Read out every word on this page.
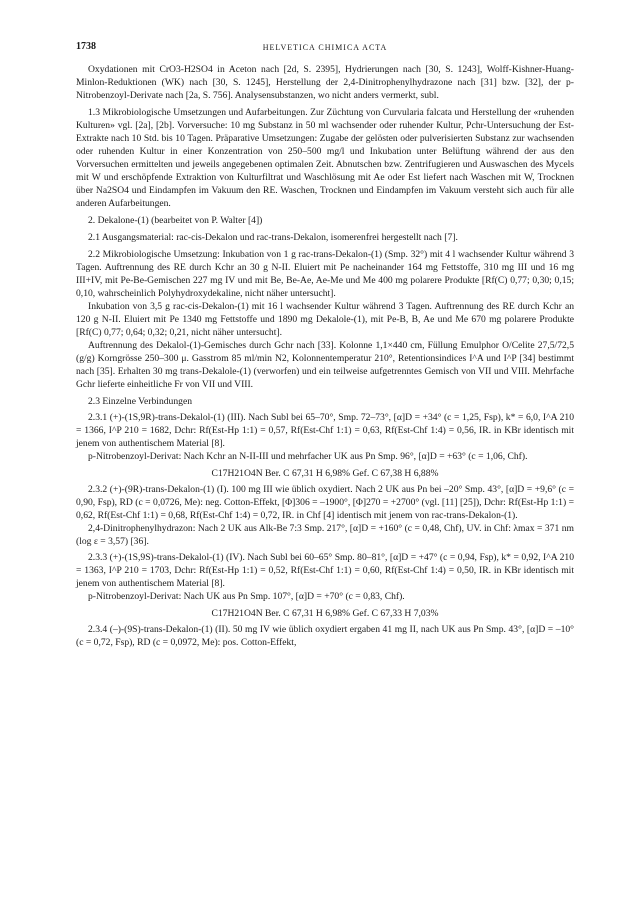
1738	HELVETICA CHIMICA ACTA

Oxydationen mit CrO3-H2SO4 in Aceton nach [2d, S. 2395], Hydrierungen nach [30, S. 1243], Wolff-Kishner-Huang-Minlon-Reduktionen (WK) nach [30, S. 1245], Herstellung der 2,4-Dinitrophenylhydrazone nach [31] bzw. [32], der p-Nitrobenzoyl-Derivate nach [2a, S. 756]. Analysensubstanzen, wo nicht anders vermerkt, subl.

1.3 Mikrobiologische Umsetzungen und Aufarbeitungen. Zur Züchtung von Curvularia falcata und Herstellung der «ruhenden Kulturen» vgl. [2a], [2b]. Vorversuche: 10 mg Substanz in 50 ml wachsender oder ruhender Kultur, Pchr-Untersuchung der Est-Extrakte nach 10 Std. bis 10 Tagen. Präparative Umsetzungen: Zugabe der gelösten oder pulverisierten Substanz zur wachsenden oder ruhenden Kultur in einer Konzentration von 250–500 mg/l und Inkubation unter Belüftung während der aus den Vorversuchen ermittelten und jeweils angegebenen optimalen Zeit. Abnutschen bzw. Zentrifugieren und Auswaschen des Mycels mit W und erschöpfende Extraktion von Kulturfiltrat und Waschlösung mit Ae oder Est liefert nach Waschen mit W, Trocknen über Na2SO4 und Eindampfen im Vakuum den RE. Waschen, Trocknen und Eindampfen im Vakuum versteht sich auch für alle anderen Aufarbeitungen.

2. Dekalone-(1) (bearbeitet von P. Walter [4])

2.1 Ausgangsmaterial: rac-cis-Dekalon und rac-trans-Dekalon, isomerenfrei hergestellt nach [7].

2.2 Mikrobiologische Umsetzung: Inkubation von 1 g rac-trans-Dekalon-(1) (Smp. 32°) mit 4 l wachsender Kultur während 3 Tagen. Auftrennung des RE durch Kchr an 30 g N-II. Eluiert mit Pe nacheinander 164 mg Fettstoffe, 310 mg III und 16 mg III+IV, mit Pe-Be-Gemischen 227 mg IV und mit Be, Be-Ae, Ae-Me und Me 400 mg polarere Produkte [Rf(C) 0,77; 0,30; 0,15; 0,10, wahrscheinlich Polyhydroxydekaline, nicht näher untersucht].

Inkubation von 3,5 g rac-cis-Dekalon-(1) mit 16 l wachsender Kultur während 3 Tagen. Auftrennung des RE durch Kchr an 120 g N-II. Eluiert mit Pe 1340 mg Fettstoffe und 1890 mg Dekalole-(1), mit Pe-B, B, Ae und Me 670 mg polarere Produkte [Rf(C) 0,77; 0,64; 0,32; 0,21, nicht näher untersucht].

Auftrennung des Dekalol-(1)-Gemisches durch Gchr nach [33]. Kolonne 1,1×440 cm, Füllung Emulphor O/Celite 27,5/72,5 (g/g) Korngrösse 250–300 μ. Gasstrom 85 ml/min N2, Kolonnentemperatur 210°, Retentionsindices I^A und I^P [34] bestimmt nach [35]. Erhalten 30 mg trans-Dekalole-(1) (verworfen) und ein teilweise aufgetrenntes Gemisch von VII und VIII. Mehrfache Gchr lieferte einheitliche Fr von VII und VIII.

2.3 Einzelne Verbindungen

2.3.1 (+)-(1S,9R)-trans-Dekalol-(1) (III). Nach Subl bei 65–70°, Smp. 72–73°, [α]D = +34° (c = 1,25, Fsp), k* = 6,0, I^A 210 = 1366, I^P 210 = 1682, Dchr: Rf(Est-Hp 1:1) = 0,57, Rf(Est-Chf 1:1) = 0,63, Rf(Est-Chf 1:4) = 0,56, IR. in KBr identisch mit jenem von authentischem Material [8].

p-Nitrobenzoyl-Derivat: Nach Kchr an N-II-III und mehrfacher UK aus Pn Smp. 96°, [α]D = +63° (c = 1,06, Chf).

C17H21O4N Ber. C 67,31 H 6,98% Gef. C 67,38 H 6,88%

2.3.2 (+)-(9R)-trans-Dekalon-(1) (I). 100 mg III wie üblich oxydiert. Nach 2 UK aus Pn bei –20° Smp. 43°, [α]D = +9,6° (c = 0,90, Fsp), RD (c = 0,0726, Me): neg. Cotton-Effekt, [Φ]306 = –1900°, [Φ]270 = +2700° (vgl. [11] [25]), Dchr: Rf(Est-Hp 1:1) = 0,62, Rf(Est-Chf 1:1) = 0,68, Rf(Est-Chf 1:4) = 0,72, IR. in Chf [4] identisch mit jenem von rac-trans-Dekalon-(1).

2,4-Dinitrophenylhydrazon: Nach 2 UK aus Alk-Be 7:3 Smp. 217°, [α]D = +160° (c = 0,48, Chf), UV. in Chf: λmax = 371 nm (log ε = 3,57) [36].

2.3.3 (+)-(1S,9S)-trans-Dekalol-(1) (IV). Nach Subl bei 60–65° Smp. 80–81°, [α]D = +47° (c = 0,94, Fsp), k* = 0,92, I^A 210 = 1363, I^P 210 = 1703, Dchr: Rf(Est-Hp 1:1) = 0,52, Rf(Est-Chf 1:1) = 0,60, Rf(Est-Chf 1:4) = 0,50, IR. in KBr identisch mit jenem von authentischem Material [8].

p-Nitrobenzoyl-Derivat: Nach UK aus Pn Smp. 107°, [α]D = +70° (c = 0,83, Chf).

C17H21O4N Ber. C 67,31 H 6,98% Gef. C 67,33 H 7,03%

2.3.4 (–)-(9S)-trans-Dekalon-(1) (II). 50 mg IV wie üblich oxydiert ergaben 41 mg II, nach UK aus Pn Smp. 43°, [α]D = –10° (c = 0,72, Fsp), RD (c = 0,0972, Me): pos. Cotton-Effekt,
